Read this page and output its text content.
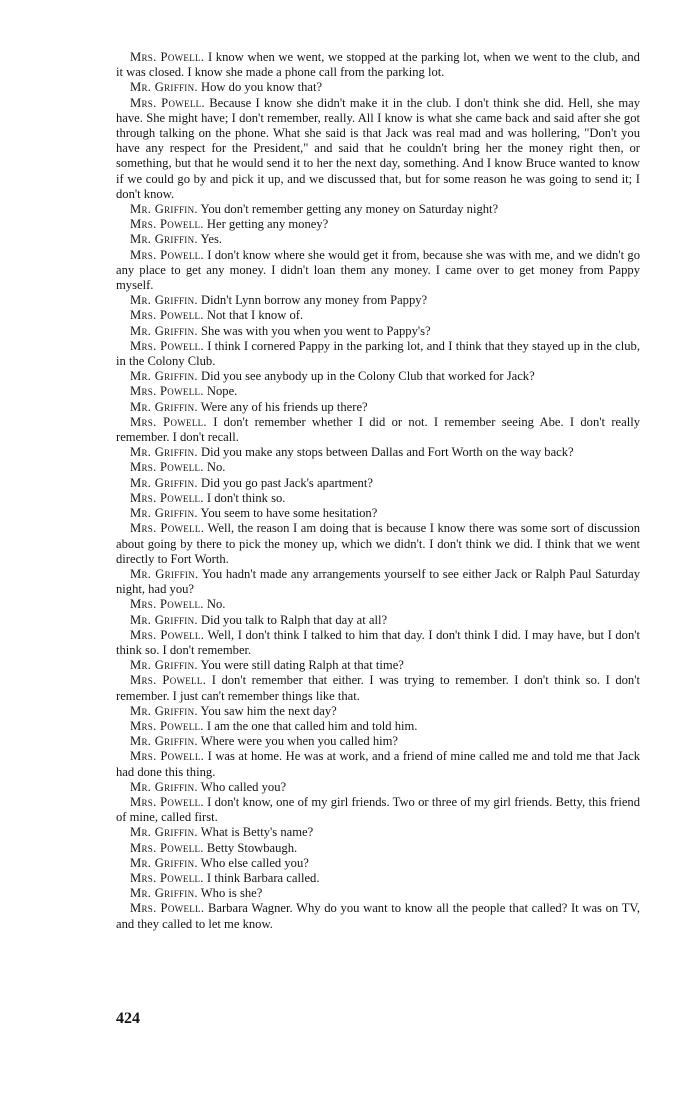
Mrs. Powell. I know when we went, we stopped at the parking lot, when we went to the club, and it was closed. I know she made a phone call from the parking lot.

Mr. Griffin. How do you know that?

Mrs. Powell. Because I know she didn't make it in the club. I don't think she did. Hell, she may have. She might have; I don't remember, really. All I know is what she came back and said after she got through talking on the phone. What she said is that Jack was real mad and was hollering, "Don't you have any respect for the President," and said that he couldn't bring her the money right then, or something, but that he would send it to her the next day, something. And I know Bruce wanted to know if we could go by and pick it up, and we discussed that, but for some reason he was going to send it; I don't know.

Mr. Griffin. You don't remember getting any money on Saturday night?

Mrs. Powell. Her getting any money?

Mr. Griffin. Yes.

Mrs. Powell. I don't know where she would get it from, because she was with me, and we didn't go any place to get any money. I didn't loan them any money. I came over to get money from Pappy myself.

Mr. Griffin. Didn't Lynn borrow any money from Pappy?

Mrs. Powell. Not that I know of.

Mr. Griffin. She was with you when you went to Pappy's?

Mrs. Powell. I think I cornered Pappy in the parking lot, and I think that they stayed up in the club, in the Colony Club.

Mr. Griffin. Did you see anybody up in the Colony Club that worked for Jack?

Mrs. Powell. Nope.

Mr. Griffin. Were any of his friends up there?

Mrs. Powell. I don't remember whether I did or not. I remember seeing Abe. I don't really remember. I don't recall.

Mr. Griffin. Did you make any stops between Dallas and Fort Worth on the way back?

Mrs. Powell. No.

Mr. Griffin. Did you go past Jack's apartment?

Mrs. Powell. I don't think so.

Mr. Griffin. You seem to have some hesitation?

Mrs. Powell. Well, the reason I am doing that is because I know there was some sort of discussion about going by there to pick the money up, which we didn't. I don't think we did. I think that we went directly to Fort Worth.

Mr. Griffin. You hadn't made any arrangements yourself to see either Jack or Ralph Paul Saturday night, had you?

Mrs. Powell. No.

Mr. Griffin. Did you talk to Ralph that day at all?

Mrs. Powell. Well, I don't think I talked to him that day. I don't think I did. I may have, but I don't think so. I don't remember.

Mr. Griffin. You were still dating Ralph at that time?

Mrs. Powell. I don't remember that either. I was trying to remember. I don't think so. I don't remember. I just can't remember things like that.

Mr. Griffin. You saw him the next day?

Mrs. Powell. I am the one that called him and told him.

Mr. Griffin. Where were you when you called him?

Mrs. Powell. I was at home. He was at work, and a friend of mine called me and told me that Jack had done this thing.

Mr. Griffin. Who called you?

Mrs. Powell. I don't know, one of my girl friends. Two or three of my girl friends. Betty, this friend of mine, called first.

Mr. Griffin. What is Betty's name?

Mrs. Powell. Betty Stowbaugh.

Mr. Griffin. Who else called you?

Mrs. Powell. I think Barbara called.

Mr. Griffin. Who is she?

Mrs. Powell. Barbara Wagner. Why do you want to know all the people that called? It was on TV, and they called to let me know.

424
